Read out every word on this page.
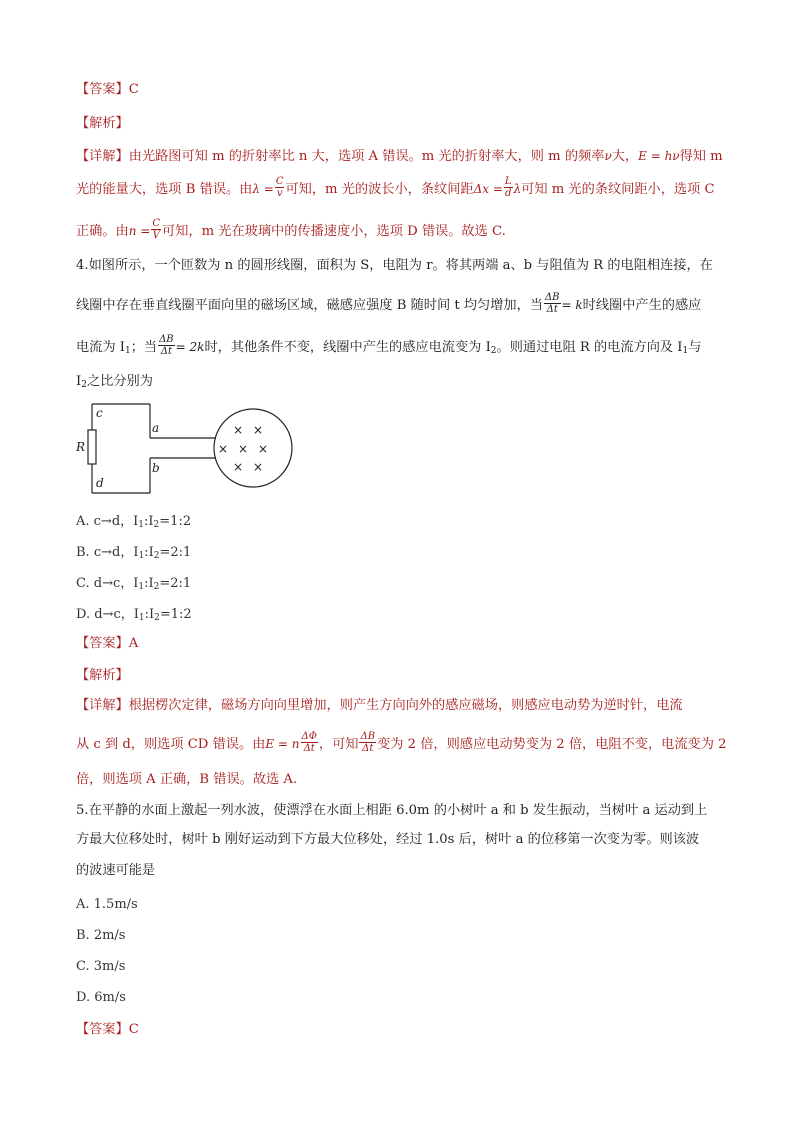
【答案】C
【解析】
【详解】由光路图可知 m 的折射率比 n 大，选项 A 错误。m 光的折射率大，则 m 的频率ν大，E = hν得知 m
光的能量大，选项 B 错误。由$\lambda = \frac{C}{v}$ 可知，m 光的波长小，条纹间距$\Delta x = \frac{L}{d}$ λ可知 m 光的条纹间距小，选项 C
正确。由$n = \frac{C}{V}$ 可知，m 光在玻璃中的传播速度小，选项 D 错误。故选 C.
4.如图所示，一个匝数为 n 的圆形线圈，面积为 S，电阻为 r。将其两端 a、b 与阻值为 R 的电阻相连接，在
线圈中存在垂直线圈平面向里的磁场区域，磁感应强度 B 随时间 t 均匀增加，当 $\frac{\Delta B}{\Delta t} = k$时线圈中产生的感应
电流为 $I_1$；当 $\frac{\Delta B}{\Delta t} = 2k$时，其他条件不变，线圈中产生的感应电流变为 $I_2$。则通过电阻 R 的电流方向及 $I_1$与
$I_2$之比分别为
c
d
R
a
b
× ×
× × ×
× ×
A. c→d，$I_1:I_2=1:2$
B. c→d，$I_1:I_2=2:1$
C. d→c，$I_1:I_2=2:1$
D. d→c，$I_1:I_2=1:2$
【答案】A
【解析】
【详解】根据楞次定律，磁场方向向里增加，则产生方向向外的感应磁场，则感应电动势为逆时针，电流
从 c 到 d，则选项 CD 错误。由E = n $\frac{\Delta\Phi}{\Delta t}$ ，可知 $\frac{\Delta B}{\Delta t}$ 变为 2 倍，则感应电动势变为 2 倍，电阻不变，电流变为 2
倍，则选项 A 正确，B 错误。故选 A.
5.在平静的水面上激起一列水波，使漂浮在水面上相距 6.0m 的小树叶 a 和 b 发生振动，当树叶 a 运动到上
方最大位移处时，树叶 b 刚好运动到下方最大位移处，经过 1.0s 后，树叶 a 的位移第一次变为零。则该波
的波速可能是
A. 1.5m/s
B. 2m/s
C. 3m/s
D. 6m/s
【答案】C
